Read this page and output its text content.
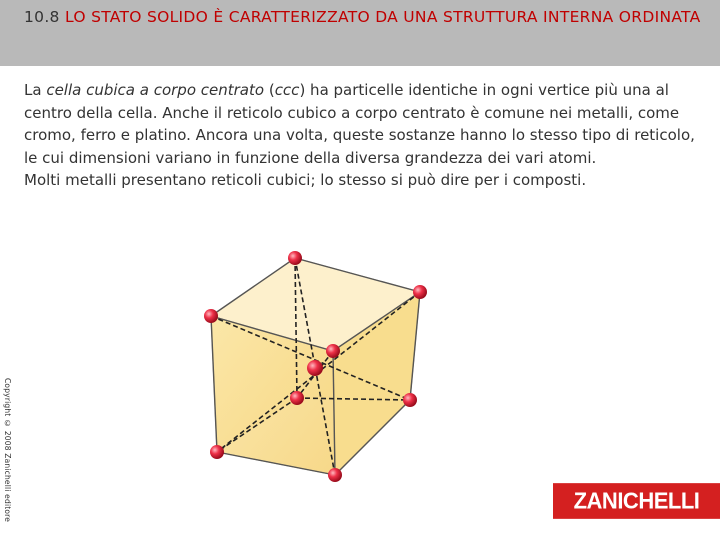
10.8 LO STATO SOLIDO È CARATTERIZZATO DA UNA STRUTTURA INTERNA ORDINATA

La cella cubica a corpo centrato (ccc) ha particelle identiche in ogni vertice più una al centro della cella. Anche il reticolo cubico a corpo centrato è comune nei metalli, come cromo, ferro e platino. Ancora una volta, queste sostanze hanno lo stesso tipo di reticolo, le cui dimensioni variano in funzione della diversa grandezza dei vari atomi.

Molti metalli presentano reticoli cubici; lo stesso si può dire per i composti.

Copyright © 2008 Zanichelli editore	ZANICHELLI
